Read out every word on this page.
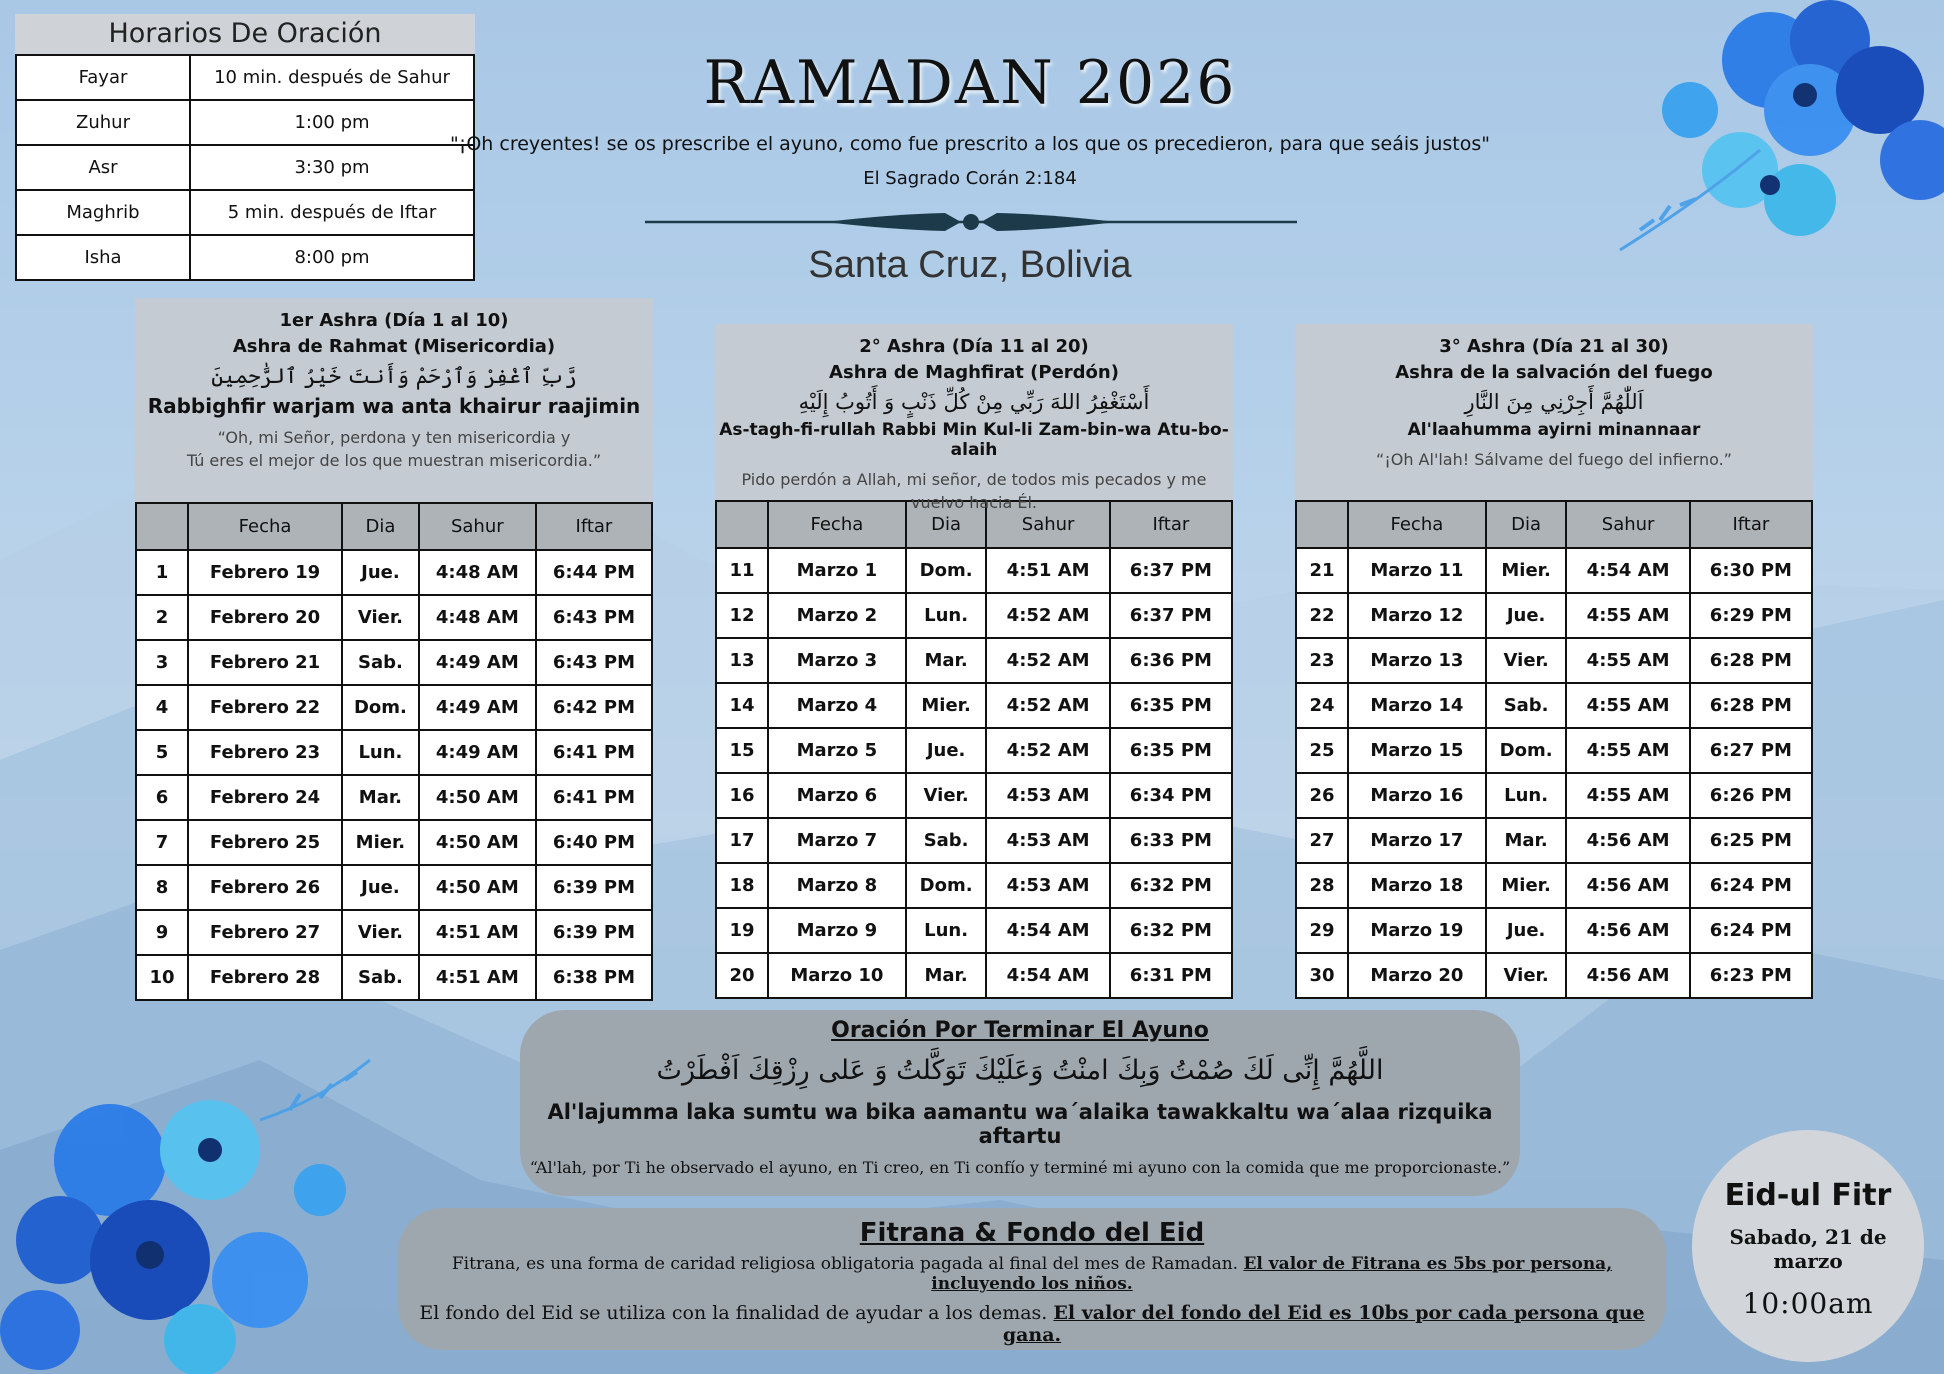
Horarios De Oración
Fayar	10 min. después de Sahur
Zuhur	1:00 pm
Asr	3:30 pm
Maghrib	5 min. después de Iftar
Isha	8:00 pm
RAMADAN 2026
"¡Oh creyentes! se os prescribe el ayuno, como fue prescrito a los que os precedieron, para que seáis justos"
El Sagrado Corán 2:184
Santa Cruz, Bolivia
1er Ashra (Día 1 al 10)
Ashra de Rahmat (Misericordia)
رَّبِّ ٱغْفِرْ وَٱرْحَمْ وَأَنتَ خَيْرُ ٱلرَّٰحِمِينَ
Rabbighfir warjam wa anta khairur raajimin
“Oh, mi Señor, perdona y ten misericordia y
Tú eres el mejor de los que muestran misericordia.”
	Fecha	Dia	Sahur	Iftar
1	Febrero 19	Jue.	4:48 AM	6:44 PM
2	Febrero 20	Vier.	4:48 AM	6:43 PM
3	Febrero 21	Sab.	4:49 AM	6:43 PM
4	Febrero 22	Dom.	4:49 AM	6:42 PM
5	Febrero 23	Lun.	4:49 AM	6:41 PM
6	Febrero 24	Mar.	4:50 AM	6:41 PM
7	Febrero 25	Mier.	4:50 AM	6:40 PM
8	Febrero 26	Jue.	4:50 AM	6:39 PM
9	Febrero 27	Vier.	4:51 AM	6:39 PM
10	Febrero 28	Sab.	4:51 AM	6:38 PM
2° Ashra (Día 11 al 20)
Ashra de Maghfirat (Perdón)
أَسْتَغْفِرُ اللهَ رَبِّي مِنْ كُلِّ ذَنْبٍ وَ أَتُوبُ إِلَيْهِ
As-tagh-fi-rullah Rabbi Min Kul-li Zam-bin-wa Atu-bo-alaih
Pido perdón a Allah, mi señor, de todos mis pecados y me
vuelvo hacia Él.
	Fecha	Dia	Sahur	Iftar
11	Marzo 1	Dom.	4:51 AM	6:37 PM
12	Marzo 2	Lun.	4:52 AM	6:37 PM
13	Marzo 3	Mar.	4:52 AM	6:36 PM
14	Marzo 4	Mier.	4:52 AM	6:35 PM
15	Marzo 5	Jue.	4:52 AM	6:35 PM
16	Marzo 6	Vier.	4:53 AM	6:34 PM
17	Marzo 7	Sab.	4:53 AM	6:33 PM
18	Marzo 8	Dom.	4:53 AM	6:32 PM
19	Marzo 9	Lun.	4:54 AM	6:32 PM
20	Marzo 10	Mar.	4:54 AM	6:31 PM
3° Ashra (Día 21 al 30)
Ashra de la salvación del fuego
اَللّٰهُمَّ أَجِرْنِي مِنَ النَّارِ
Al'laahumma ayirni minannaar
“¡Oh Al'lah! Sálvame del fuego del infierno.”
	Fecha	Dia	Sahur	Iftar
21	Marzo 11	Mier.	4:54 AM	6:30 PM
22	Marzo 12	Jue.	4:55 AM	6:29 PM
23	Marzo 13	Vier.	4:55 AM	6:28 PM
24	Marzo 14	Sab.	4:55 AM	6:28 PM
25	Marzo 15	Dom.	4:55 AM	6:27 PM
26	Marzo 16	Lun.	4:55 AM	6:26 PM
27	Marzo 17	Mar.	4:56 AM	6:25 PM
28	Marzo 18	Mier.	4:56 AM	6:24 PM
29	Marzo 19	Jue.	4:56 AM	6:24 PM
30	Marzo 20	Vier.	4:56 AM	6:23 PM
Oración Por Terminar El Ayuno
اللَّهُمَّ إِنِّى لَكَ صُمْتُ وَبِكَ امنْتُ وَعَلَيْكَ تَوَكَّلتُ وَ عَلى رِزْقِكَ اَفْطَرْتُ
Al'lajumma laka sumtu wa bika aamantu wa´alaika tawakkaltu wa´alaa rizquika aftartu
“Al'lah, por Ti he observado el ayuno, en Ti creo, en Ti confío y terminé mi ayuno con la comida que me proporcionaste.”
Fitrana & Fondo del Eid
Fitrana, es una forma de caridad religiosa obligatoria pagada al final del mes de Ramadan. El valor de Fitrana es 5bs por persona, incluyendo los niños.
El fondo del Eid se utiliza con la finalidad de ayudar a los demas. El valor del fondo del Eid es 10bs por cada persona que gana.
Eid-ul Fitr
Sabado, 21 de marzo
10:00am
